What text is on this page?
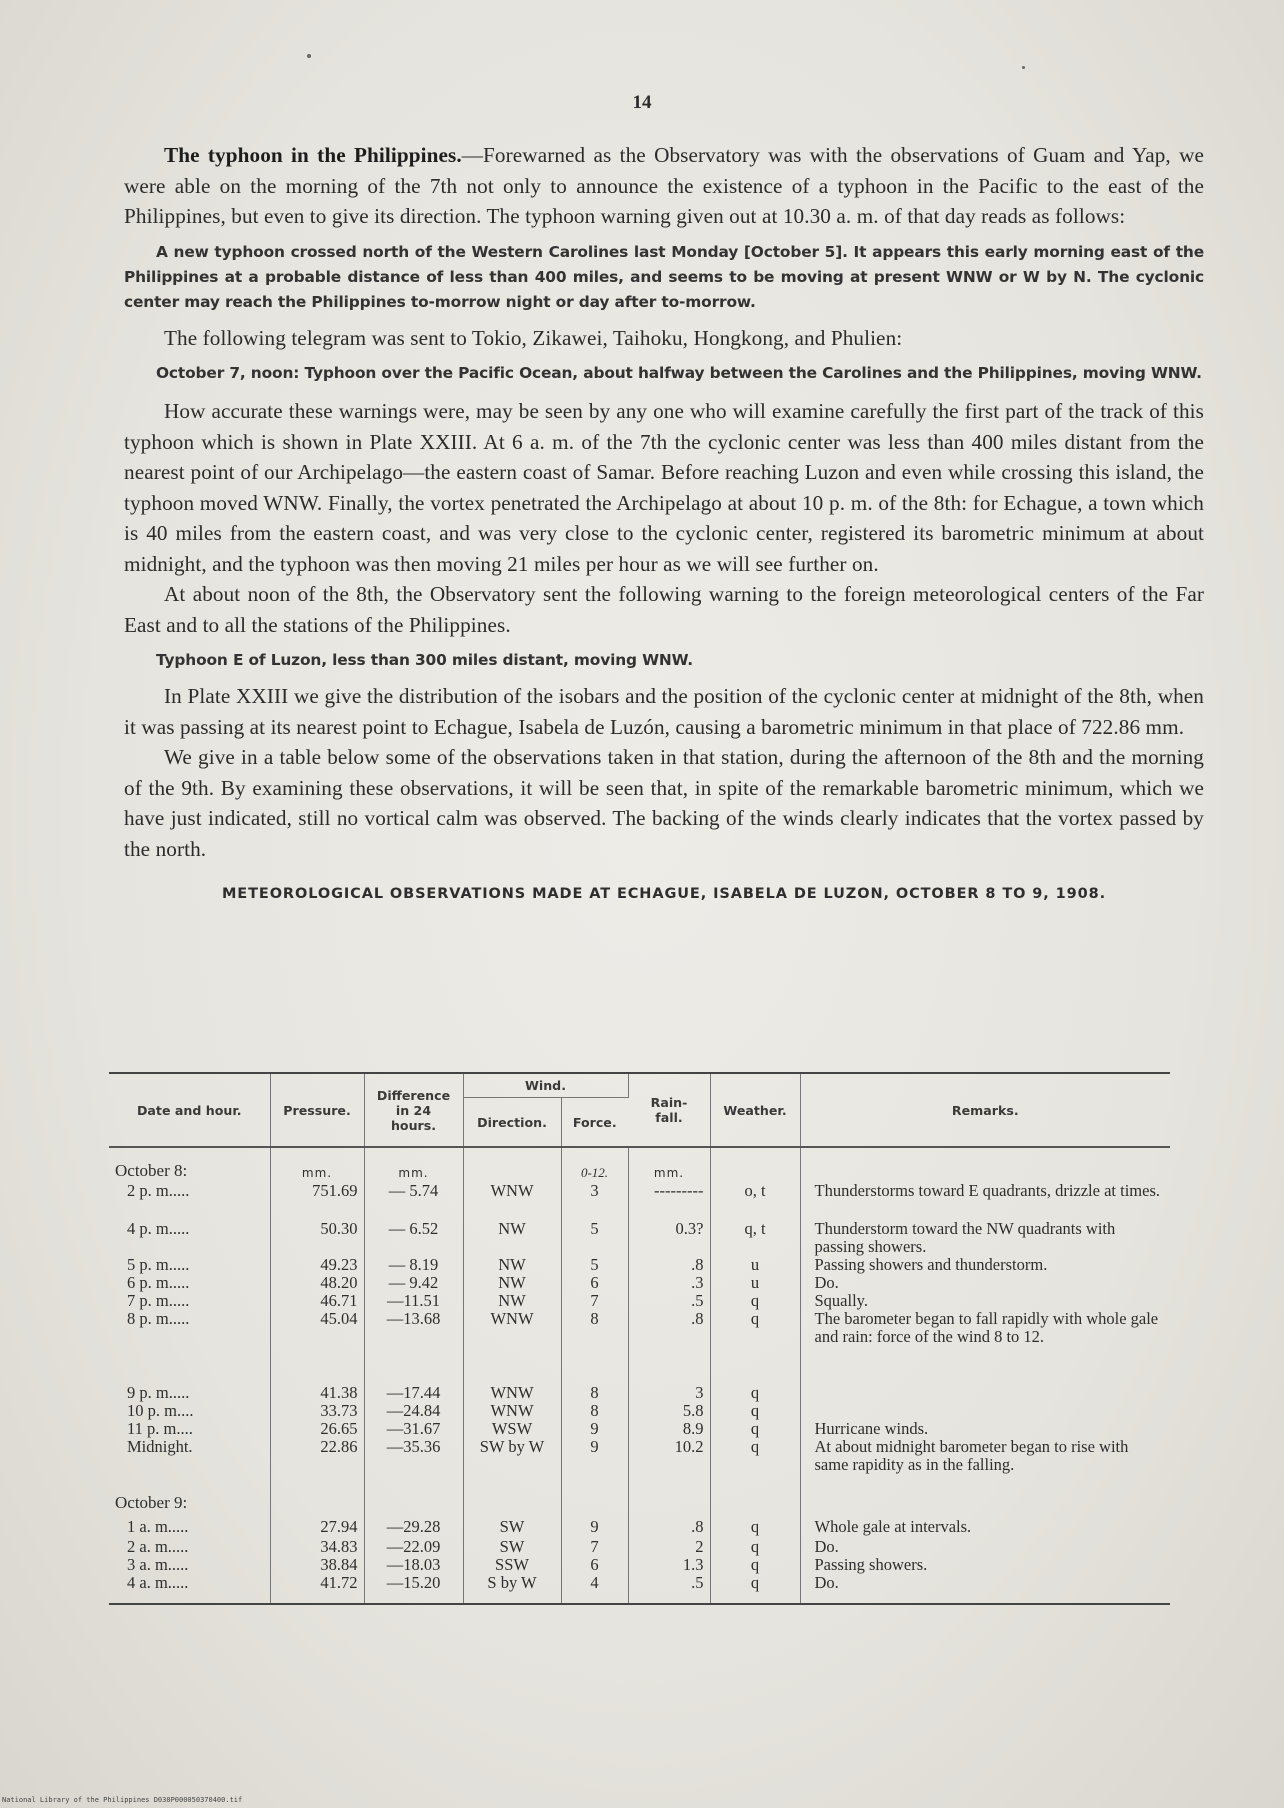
14

The typhoon in the Philippines.—Forewarned as the Observatory was with the observations of Guam and Yap, we were able on the morning of the 7th not only to announce the existence of a typhoon in the Pacific to the east of the Philippines, but even to give its direction. The typhoon warning given out at 10.30 a. m. of that day reads as follows:

A new typhoon crossed north of the Western Carolines last Monday [October 5]. It appears this early morning east of the Philippines at a probable distance of less than 400 miles, and seems to be moving at present WNW or W by N. The cyclonic center may reach the Philippines to-morrow night or day after to-morrow.

The following telegram was sent to Tokio, Zikawei, Taihoku, Hongkong, and Phulien:

October 7, noon: Typhoon over the Pacific Ocean, about halfway between the Carolines and the Philippines, moving WNW.

How accurate these warnings were, may be seen by any one who will examine carefully the first part of the track of this typhoon which is shown in Plate XXIII. At 6 a. m. of the 7th the cyclonic center was less than 400 miles distant from the nearest point of our Archipelago—the eastern coast of Samar. Before reaching Luzon and even while crossing this island, the typhoon moved WNW. Finally, the vortex penetrated the Archipelago at about 10 p. m. of the 8th: for Echague, a town which is 40 miles from the eastern coast, and was very close to the cyclonic center, registered its barometric minimum at about midnight, and the typhoon was then moving 21 miles per hour as we will see further on.

At about noon of the 8th, the Observatory sent the following warning to the foreign meteorological centers of the Far East and to all the stations of the Philippines.

Typhoon E of Luzon, less than 300 miles distant, moving WNW.

In Plate XXIII we give the distribution of the isobars and the position of the cyclonic center at midnight of the 8th, when it was passing at its nearest point to Echague, Isabela de Luzón, causing a barometric minimum in that place of 722.86 mm.

We give in a table below some of the observations taken in that station, during the afternoon of the 8th and the morning of the 9th. By examining these observations, it will be seen that, in spite of the remarkable barometric minimum, which we have just indicated, still no vortical calm was observed. The backing of the winds clearly indicates that the vortex passed by the north.

METEOROLOGICAL OBSERVATIONS MADE AT ECHAGUE, ISABELA DE LUZON, OCTOBER 8 TO 9, 1908.

Date and hour.	Pressure.	Difference in 24 hours.	Wind.		Rain-fall.	Weather.	Remarks.
			Direction.	Force.			
October 8:	mm.	mm.		0-12.	mm.		
2 p. m.....	751.69	— 5.74	WNW	3	---------	o, t	Thunderstorms toward E quadrants, drizzle at times.
4 p. m.....	50.30	— 6.52	NW	5	0.3?	q, t	Thunderstorm toward the NW quadrants with passing showers.
5 p. m.....	49.23	— 8.19	NW	5	.8	u	Passing showers and thunderstorm.
6 p. m.....	48.20	— 9.42	NW	6	.3	u	Do.
7 p. m.....	46.71	—11.51	NW	7	.5	q	Squally.
8 p. m.....	45.04	—13.68	WNW	8	.8	q	The barometer began to fall rapidly with whole gale and rain: force of the wind 8 to 12.
9 p. m.....	41.38	—17.44	WNW	8	3	q	
10 p. m....	33.73	—24.84	WNW	8	5.8	q	
11 p. m....	26.65	—31.67	WSW	9	8.9	q	Hurricane winds.
Midnight.	22.86	—35.36	SW by W	9	10.2	q	At about midnight barometer began to rise with same rapidity as in the falling.
October 9:							
1 a. m.....	27.94	—29.28	SW	9	.8	q	Whole gale at intervals.
2 a. m.....	34.83	—22.09	SW	7	2	q	Do.
3 a. m.....	38.84	—18.03	SSW	6	1.3	q	Passing showers.
4 a. m.....	41.72	—15.20	S by W	4	.5	q	Do.
National Library of the Philippines D030P000050370400.tif
